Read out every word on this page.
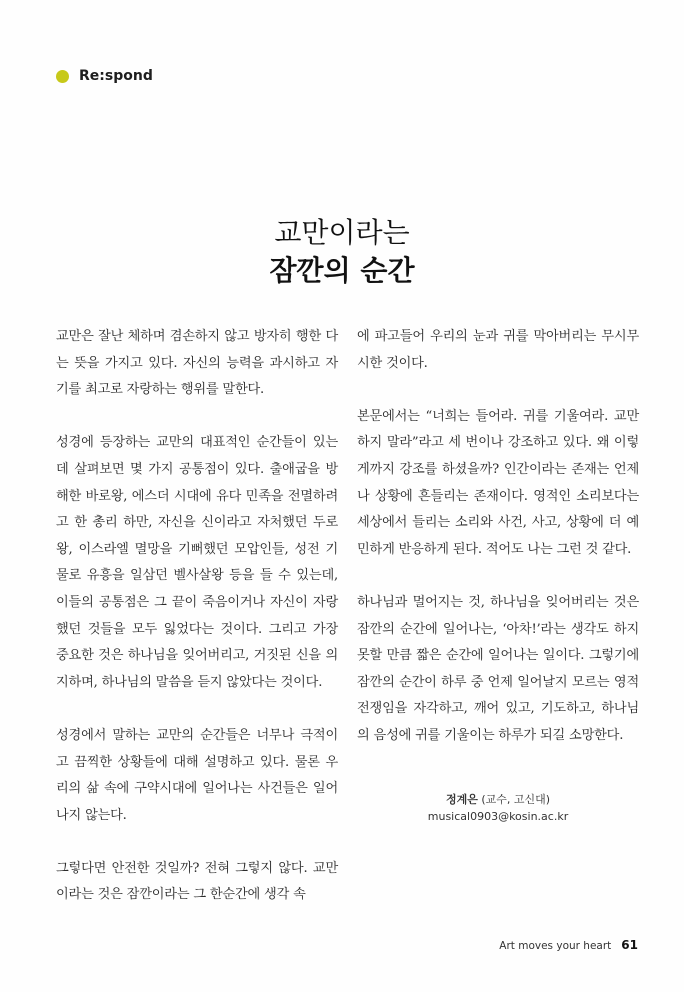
Re:spond
교만이라는
잠깐의 순간

교만은 잘난 체하며 겸손하지 않고 방자히 행한 다는 뜻을 가지고 있다. 자신의 능력을 과시하고 자기를 최고로 자랑하는 행위를 말한다.

성경에 등장하는 교만의 대표적인 순간들이 있는데 살펴보면 몇 가지 공통점이 있다. 출애굽을 방해한 바로왕, 에스더 시대에 유다 민족을 전멸하려고 한 총리 하만, 자신을 신이라고 자처했던 두로왕, 이스라엘 멸망을 기뻐했던 모압인들, 성전 기물로 유흥을 일삼던 벨사살왕 등을 들 수 있는데, 이들의 공통점은 그 끝이 죽음이거나 자신이 자랑했던 것들을 모두 잃었다는 것이다. 그리고 가장 중요한 것은 하나님을 잊어버리고, 거짓된 신을 의지하며, 하나님의 말씀을 듣지 않았다는 것이다.

성경에서 말하는 교만의 순간들은 너무나 극적이고 끔찍한 상황들에 대해 설명하고 있다. 물론 우리의 삶 속에 구약시대에 일어나는 사건들은 일어나지 않는다.

그렇다면 안전한 것일까? 전혀 그렇지 않다. 교만이라는 것은 잠깐이라는 그 한순간에 생각 속

에 파고들어 우리의 눈과 귀를 막아버리는 무시무시한 것이다.

본문에서는 “너희는 들어라. 귀를 기울여라. 교만하지 말라”라고 세 번이나 강조하고 있다. 왜 이렇게까지 강조를 하셨을까? 인간이라는 존재는 언제나 상황에 흔들리는 존재이다. 영적인 소리보다는 세상에서 들리는 소리와 사건, 사고, 상황에 더 예민하게 반응하게 된다. 적어도 나는 그런 것 같다.

하나님과 멀어지는 것, 하나님을 잊어버리는 것은 잠깐의 순간에 일어나는, ‘아차!’라는 생각도 하지 못할 만큼 짧은 순간에 일어나는 일이다. 그렇기에 잠깐의 순간이 하루 중 언제 일어날지 모르는 영적 전쟁임을 자각하고, 깨어 있고, 기도하고, 하나님의 음성에 귀를 기울이는 하루가 되길 소망한다.

정계은 (교수, 고신대)
musical0903@kosin.ac.kr
Art moves your heart 61
